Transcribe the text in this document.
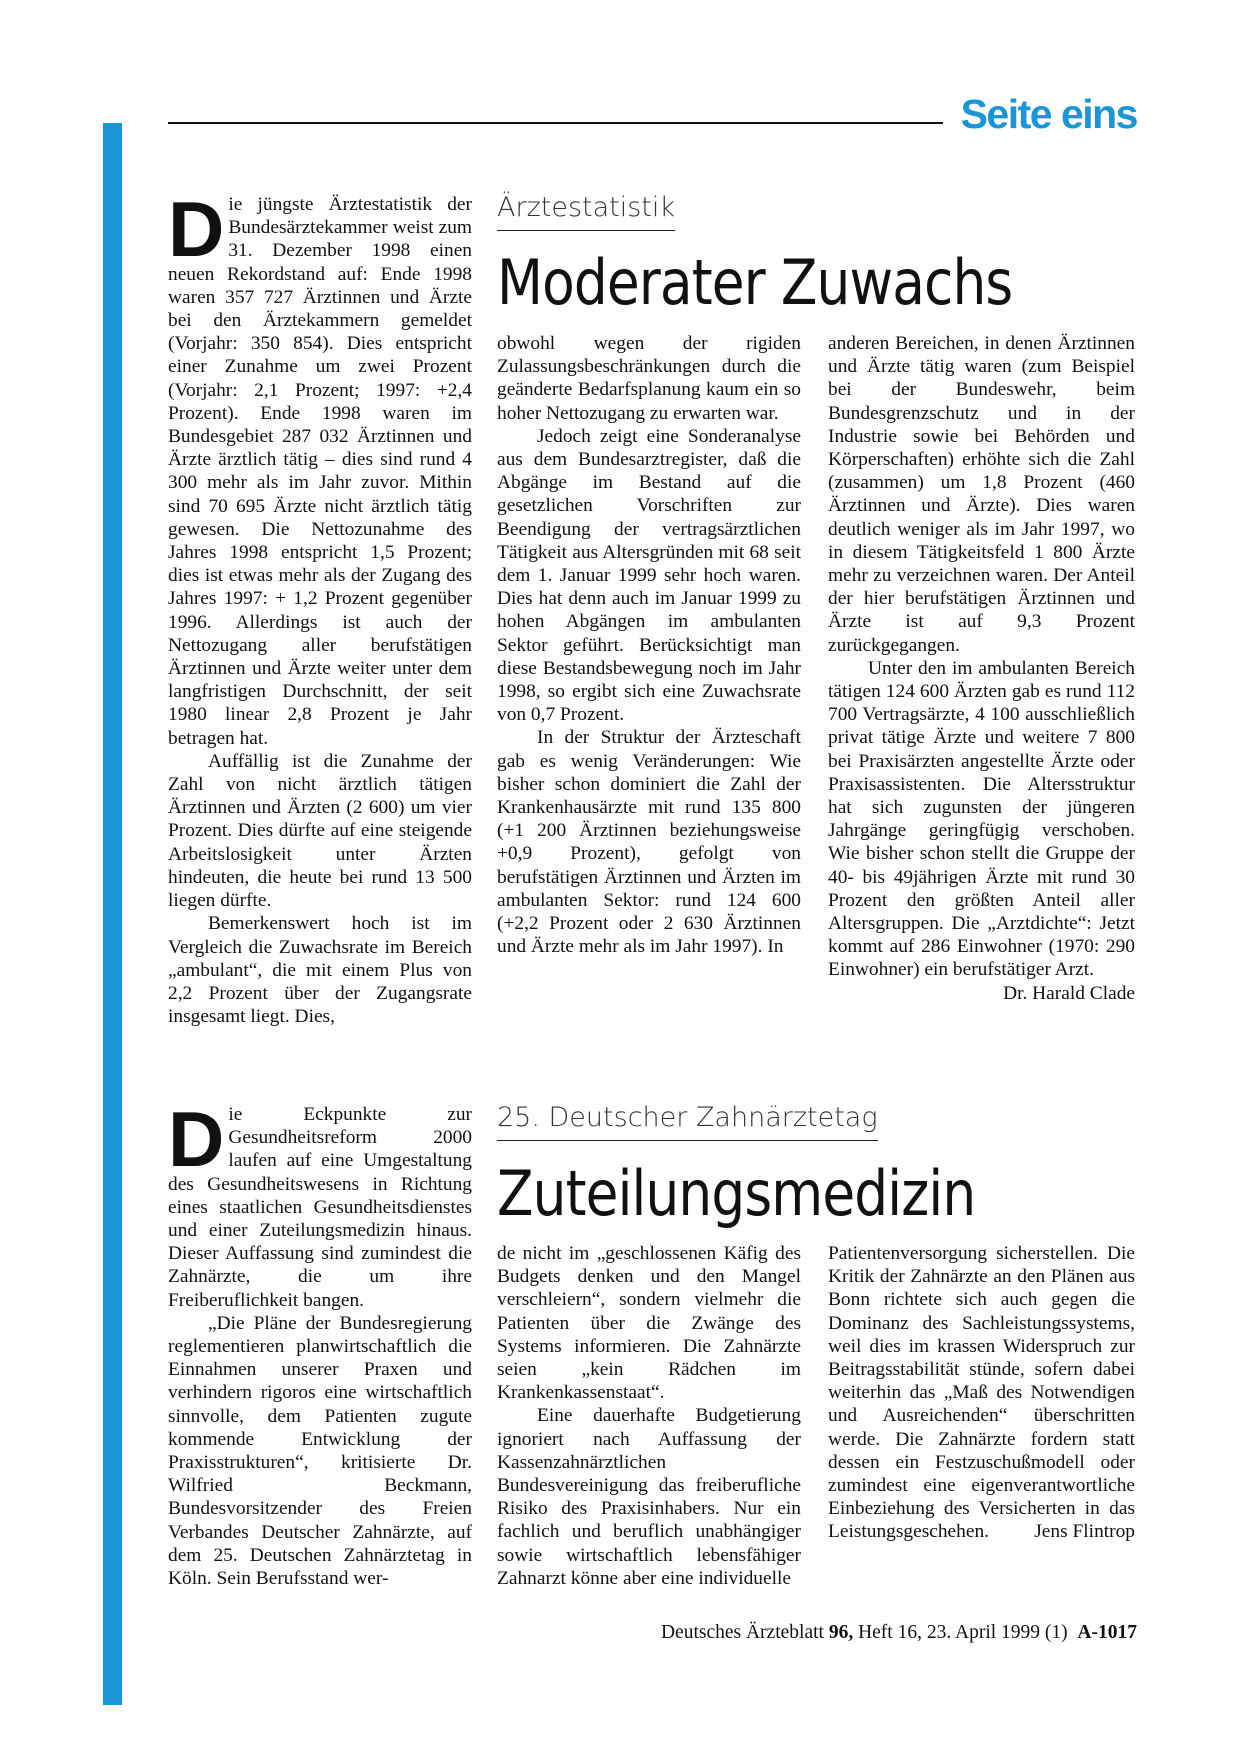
Seite eins
Ärztestatistik
Moderater Zuwachs

Die jüngste Ärztestatistik der Bundesärztekammer weist zum 31. Dezember 1998 einen neuen Rekordstand auf: Ende 1998 waren 357 727 Ärztinnen und Ärzte bei den Ärztekammern gemeldet (Vorjahr: 350 854). Dies entspricht einer Zunahme um zwei Prozent (Vorjahr: 2,1 Prozent; 1997: +2,4 Prozent). Ende 1998 waren im Bundesgebiet 287 032 Ärztinnen und Ärzte ärztlich tätig – dies sind rund 4 300 mehr als im Jahr zuvor. Mithin sind 70 695 Ärzte nicht ärztlich tätig gewesen. Die Nettozunahme des Jahres 1998 entspricht 1,5 Prozent; dies ist etwas mehr als der Zugang des Jahres 1997: + 1,2 Prozent gegenüber 1996. Allerdings ist auch der Nettozugang aller berufstätigen Ärztinnen und Ärzte weiter unter dem langfristigen Durchschnitt, der seit 1980 linear 2,8 Prozent je Jahr betragen hat.

Auffällig ist die Zunahme der Zahl von nicht ärztlich tätigen Ärztinnen und Ärzten (2 600) um vier Prozent. Dies dürfte auf eine steigende Arbeitslosigkeit unter Ärzten hindeuten, die heute bei rund 13 500 liegen dürfte.

Bemerkenswert hoch ist im Vergleich die Zuwachsrate im Bereich „ambulant“, die mit einem Plus von 2,2 Prozent über der Zugangsrate insgesamt liegt. Dies,

obwohl wegen der rigiden Zulassungsbeschränkungen durch die geänderte Bedarfsplanung kaum ein so hoher Nettozugang zu erwarten war.

Jedoch zeigt eine Sonderanalyse aus dem Bundesarztregister, daß die Abgänge im Bestand auf die gesetzlichen Vorschriften zur Beendigung der vertragsärztlichen Tätigkeit aus Altersgründen mit 68 seit dem 1. Januar 1999 sehr hoch waren. Dies hat denn auch im Januar 1999 zu hohen Abgängen im ambulanten Sektor geführt. Berücksichtigt man diese Bestandsbewegung noch im Jahr 1998, so ergibt sich eine Zuwachsrate von 0,7 Prozent.

In der Struktur der Ärzteschaft gab es wenig Veränderungen: Wie bisher schon dominiert die Zahl der Krankenhausärzte mit rund 135 800 (+1 200 Ärztinnen beziehungsweise +0,9 Prozent), gefolgt von berufstätigen Ärztinnen und Ärzten im ambulanten Sektor: rund 124 600 (+2,2 Prozent oder 2 630 Ärztinnen und Ärzte mehr als im Jahr 1997). In

anderen Bereichen, in denen Ärztinnen und Ärzte tätig waren (zum Beispiel bei der Bundeswehr, beim Bundesgrenzschutz und in der Industrie sowie bei Behörden und Körperschaften) erhöhte sich die Zahl (zusammen) um 1,8 Prozent (460 Ärztinnen und Ärzte). Dies waren deutlich weniger als im Jahr 1997, wo in diesem Tätigkeitsfeld 1 800 Ärzte mehr zu verzeichnen waren. Der Anteil der hier berufstätigen Ärztinnen und Ärzte ist auf 9,3 Prozent zurückgegangen.

Unter den im ambulanten Bereich tätigen 124 600 Ärzten gab es rund 112 700 Vertragsärzte, 4 100 ausschließlich privat tätige Ärzte und weitere 7 800 bei Praxisärzten angestellte Ärzte oder Praxisassistenten. Die Altersstruktur hat sich zugunsten der jüngeren Jahrgänge geringfügig verschoben. Wie bisher schon stellt die Gruppe der 40- bis 49jährigen Ärzte mit rund 30 Prozent den größten Anteil aller Altersgruppen. Die „Arztdichte“: Jetzt kommt auf 286 Einwohner (1970: 290 Einwohner) ein berufstätiger Arzt.
Dr. Harald Clade

25. Deutscher Zahnärztetag
Zuteilungsmedizin

Die Eckpunkte zur Gesundheitsreform 2000 laufen auf eine Umgestaltung des Gesundheitswesens in Richtung eines staatlichen Gesundheitsdienstes und einer Zuteilungsmedizin hinaus. Dieser Auffassung sind zumindest die Zahnärzte, die um ihre Freiberuflichkeit bangen.

„Die Pläne der Bundesregierung reglementieren planwirtschaftlich die Einnahmen unserer Praxen und verhindern rigoros eine wirtschaftlich sinnvolle, dem Patienten zugute kommende Entwicklung der Praxisstrukturen“, kritisierte Dr. Wilfried Beckmann, Bundesvorsitzender des Freien Verbandes Deutscher Zahnärzte, auf dem 25. Deutschen Zahnärztetag in Köln. Sein Berufsstand wer-

de nicht im „geschlossenen Käfig des Budgets denken und den Mangel verschleiern“, sondern vielmehr die Patienten über die Zwänge des Systems informieren. Die Zahnärzte seien „kein Rädchen im Krankenkassenstaat“.

Eine dauerhafte Budgetierung ignoriert nach Auffassung der Kassenzahnärztlichen Bundesvereinigung das freiberufliche Risiko des Praxisinhabers. Nur ein fachlich und beruflich unabhängiger sowie wirtschaftlich lebensfähiger Zahnarzt könne aber eine individuelle

Patientenversorgung sicherstellen. Die Kritik der Zahnärzte an den Plänen aus Bonn richtete sich auch gegen die Dominanz des Sachleistungssystems, weil dies im krassen Widerspruch zur Beitragsstabilität stünde, sofern dabei weiterhin das „Maß des Notwendigen und Ausreichenden“ überschritten werde. Die Zahnärzte fordern statt dessen ein Festzuschußmodell oder zumindest eine eigenverantwortliche Einbeziehung des Versicherten in das Leistungsgeschehen. Jens Flintrop

Deutsches Ärzteblatt 96, Heft 16, 23. April 1999 (1) A-1017
